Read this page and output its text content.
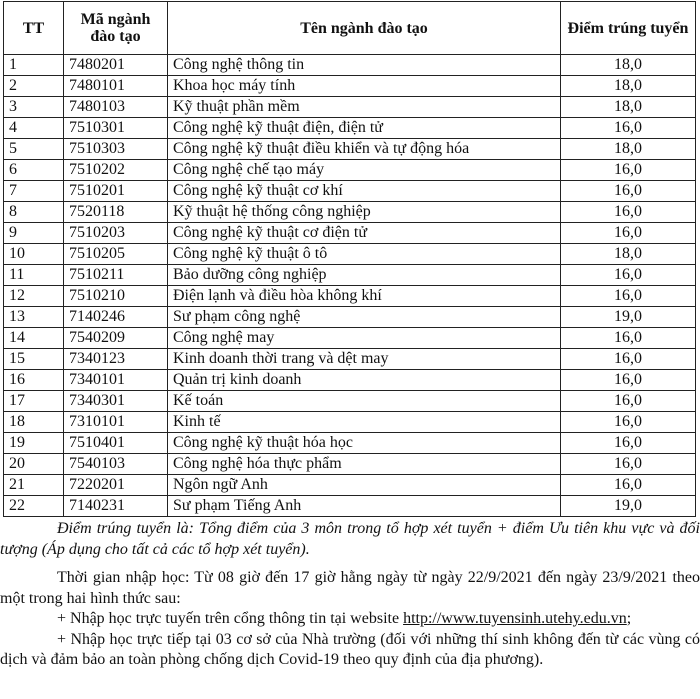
TT	Mã ngành đào tạo	Tên ngành đào tạo	Điểm trúng tuyển
1	7480201	Công nghệ thông tin	18,0
2	7480101	Khoa học máy tính	18,0
3	7480103	Kỹ thuật phần mềm	18,0
4	7510301	Công nghệ kỹ thuật điện, điện tử	16,0
5	7510303	Công nghệ kỹ thuật điều khiển và tự động hóa	18,0
6	7510202	Công nghệ chế tạo máy	16,0
7	7510201	Công nghệ kỹ thuật cơ khí	16,0
8	7520118	Kỹ thuật hệ thống công nghiệp	16,0
9	7510203	Công nghệ kỹ thuật cơ điện tử	16,0
10	7510205	Công nghệ kỹ thuật ô tô	18,0
11	7510211	Bảo dưỡng công nghiệp	16,0
12	7510210	Điện lạnh và điều hòa không khí	16,0
13	7140246	Sư phạm công nghệ	19,0
14	7540209	Công nghệ may	16,0
15	7340123	Kinh doanh thời trang và dệt may	16,0
16	7340101	Quản trị kinh doanh	16,0
17	7340301	Kế toán	16,0
18	7310101	Kinh tế	16,0
19	7510401	Công nghệ kỹ thuật hóa học	16,0
20	7540103	Công nghệ hóa thực phẩm	16,0
21	7220201	Ngôn ngữ Anh	16,0
22	7140231	Sư phạm Tiếng Anh	19,0

Điểm trúng tuyển là: Tổng điểm của 3 môn trong tổ hợp xét tuyển + điểm Ưu tiên khu vực và đối tượng (Áp dụng cho tất cả các tổ hợp xét tuyển).

Thời gian nhập học: Từ 08 giờ đến 17 giờ hằng ngày từ ngày 22/9/2021 đến ngày 23/9/2021 theo một trong hai hình thức sau:

+ Nhập học trực tuyến trên cổng thông tin tại website http://www.tuyensinh.utehy.edu.vn;

+ Nhập học trực tiếp tại 03 cơ sở của Nhà trường (đối với những thí sinh không đến từ các vùng có dịch và đảm bảo an toàn phòng chống dịch Covid-19 theo quy định của địa phương).
